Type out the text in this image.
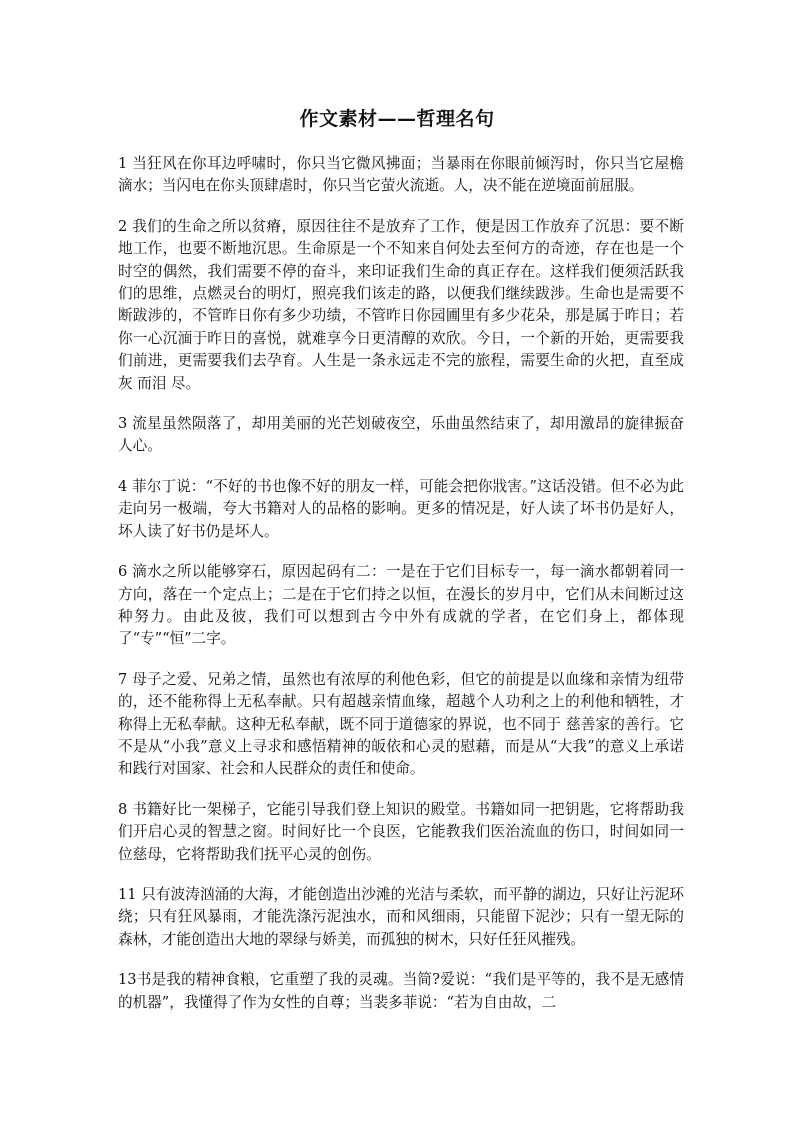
作文素材——哲理名句

1 当狂风在你耳边呼啸时，你只当它微风拂面；当暴雨在你眼前倾泻时，你只当它屋檐滴水；当闪电在你头顶肆虐时，你只当它萤火流逝。人，决不能在逆境面前屈服。

2 我们的生命之所以贫瘠，原因往往不是放弃了工作，便是因工作放弃了沉思：要不断地工作，也要不断地沉思。生命原是一个不知来自何处去至何方的奇迹，存在也是一个时空的偶然，我们需要不停的奋斗，来印证我们生命的真正存在。这样我们便须活跃我们的思维，点燃灵台的明灯，照亮我们该走的路，以便我们继续跋涉。生命也是需要不断跋涉的，不管昨日你有多少功绩，不管昨日你园圃里有多少花朵，那是属于昨日；若你一心沉湎于昨日的喜悦，就难享今日更清醇的欢欣。今日，一个新的开始，更需要我们前进，更需要我们去孕育。人生是一条永远走不完的旅程，需要生命的火把，直至成灰 而泪 尽。

3 流星虽然陨落了，却用美丽的光芒划破夜空，乐曲虽然结束了，却用激昂的旋律振奋人心。

4 菲尔丁说：“不好的书也像不好的朋友一样，可能会把你戕害。”这话没错。但不必为此走向另一极端，夸大书籍对人的品格的影响。更多的情况是，好人读了坏书仍是好人，坏人读了好书仍是坏人。

6 滴水之所以能够穿石，原因起码有二：一是在于它们目标专一，每一滴水都朝着同一方向，落在一个定点上；二是在于它们持之以恒，在漫长的岁月中，它们从未间断过这种努力。由此及彼，我们可以想到古今中外有成就的学者，在它们身上，都体现了“专”“恒”二字。

7 母子之爱、兄弟之情，虽然也有浓厚的利他色彩，但它的前提是以血缘和亲情为纽带的，还不能称得上无私奉献。只有超越亲情血缘，超越个人功利之上的利他和牺牲，才称得上无私奉献。这种无私奉献，既不同于道德家的界说，也不同于 慈善家的善行。它不是从“小我”意义上寻求和感悟精神的皈依和心灵的慰藉，而是从“大我”的意义上承诺和践行对国家、社会和人民群众的责任和使命。

8 书籍好比一架梯子，它能引导我们登上知识的殿堂。书籍如同一把钥匙，它将帮助我们开启心灵的智慧之窗。时间好比一个良医，它能教我们医治流血的伤口，时间如同一位慈母，它将帮助我们抚平心灵的创伤。

11 只有波涛汹涌的大海，才能创造出沙滩的光洁与柔软，而平静的湖边，只好让污泥环绕；只有狂风暴雨，才能洗涤污泥浊水，而和风细雨，只能留下泥沙；只有一望无际的森林，才能创造出大地的翠绿与娇美，而孤独的树木，只好任狂风摧残。

13书是我的精神食粮，它重塑了我的灵魂。当简?爱说：“我们是平等的，我不是无感情的机器”，我懂得了作为女性的自尊；当裴多菲说：“若为自由故，二
